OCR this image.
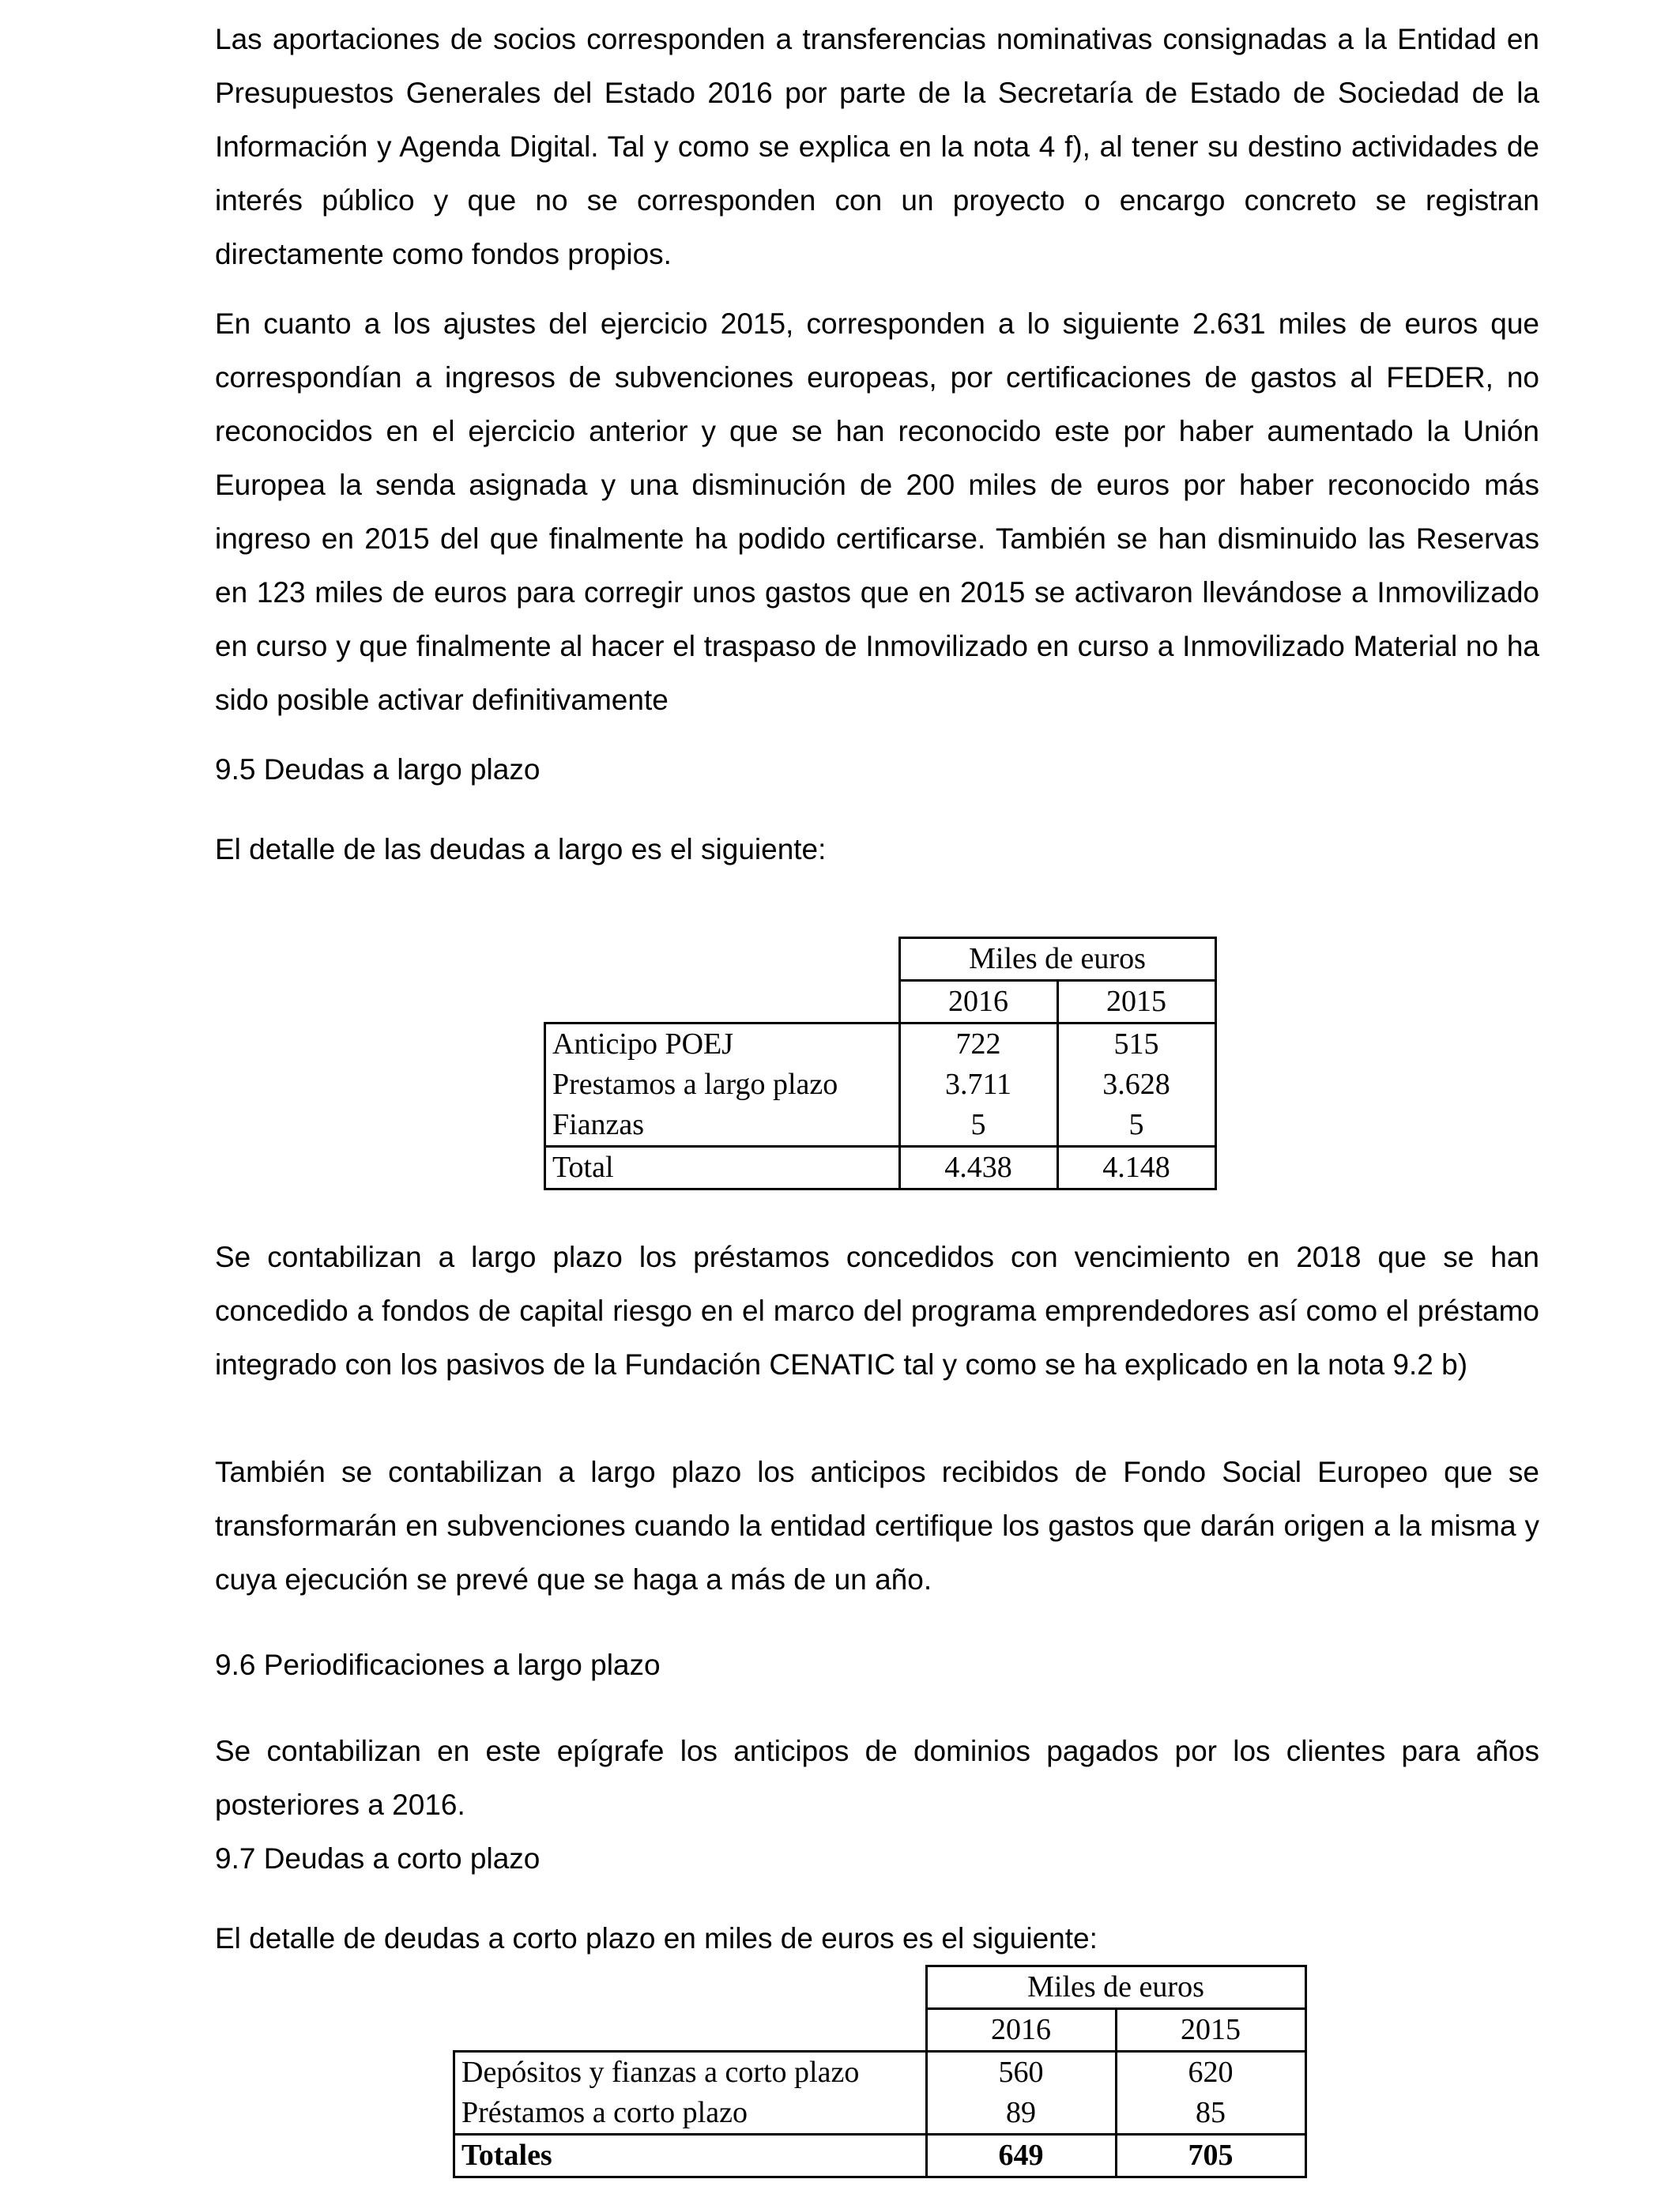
Las aportaciones de socios corresponden a transferencias nominativas consignadas a la Entidad en Presupuestos Generales del Estado 2016 por parte de la Secretaría de Estado de Sociedad de la Información y Agenda Digital. Tal y como se explica en la nota 4 f), al tener su destino actividades de interés público y que no se corresponden con un proyecto o encargo concreto se registran directamente como fondos propios.

En cuanto a los ajustes del ejercicio 2015, corresponden a lo siguiente 2.631 miles de euros que correspondían a ingresos de subvenciones europeas, por certificaciones de gastos al FEDER, no reconocidos en el ejercicio anterior y que se han reconocido este por haber aumentado la Unión Europea la senda asignada y una disminución de 200 miles de euros por haber reconocido más ingreso en 2015 del que finalmente ha podido certificarse. También se han disminuido las Reservas en 123 miles de euros para corregir unos gastos que en 2015 se activaron llevándose a Inmovilizado en curso y que finalmente al hacer el traspaso de Inmovilizado en curso a Inmovilizado Material no ha sido posible activar definitivamente

9.5 Deudas a largo plazo

El detalle de las deudas a largo es el siguiente:

	Miles de euros	
	2016	2015
Anticipo POEJ	722	515
Prestamos a largo plazo	3.711	3.628
Fianzas	5	5
Total	4.438	4.148

Se contabilizan a largo plazo los préstamos concedidos con vencimiento en 2018 que se han concedido a fondos de capital riesgo en el marco del programa emprendedores así como el préstamo integrado con los pasivos de la Fundación CENATIC tal y como se ha explicado en la nota 9.2 b)

También se contabilizan a largo plazo los anticipos recibidos de Fondo Social Europeo que se transformarán en subvenciones cuando la entidad certifique los gastos que darán origen a la misma y cuya ejecución se prevé que se haga a más de un año.

9.6 Periodificaciones a largo plazo

Se contabilizan en este epígrafe los anticipos de dominios pagados por los clientes para años posteriores a 2016.

9.7 Deudas a corto plazo

El detalle de deudas a corto plazo en miles de euros es el siguiente:

	Miles de euros	
	2016	2015
Depósitos y fianzas a corto plazo	560	620
Préstamos a corto plazo	89	85
Totales	649	705
